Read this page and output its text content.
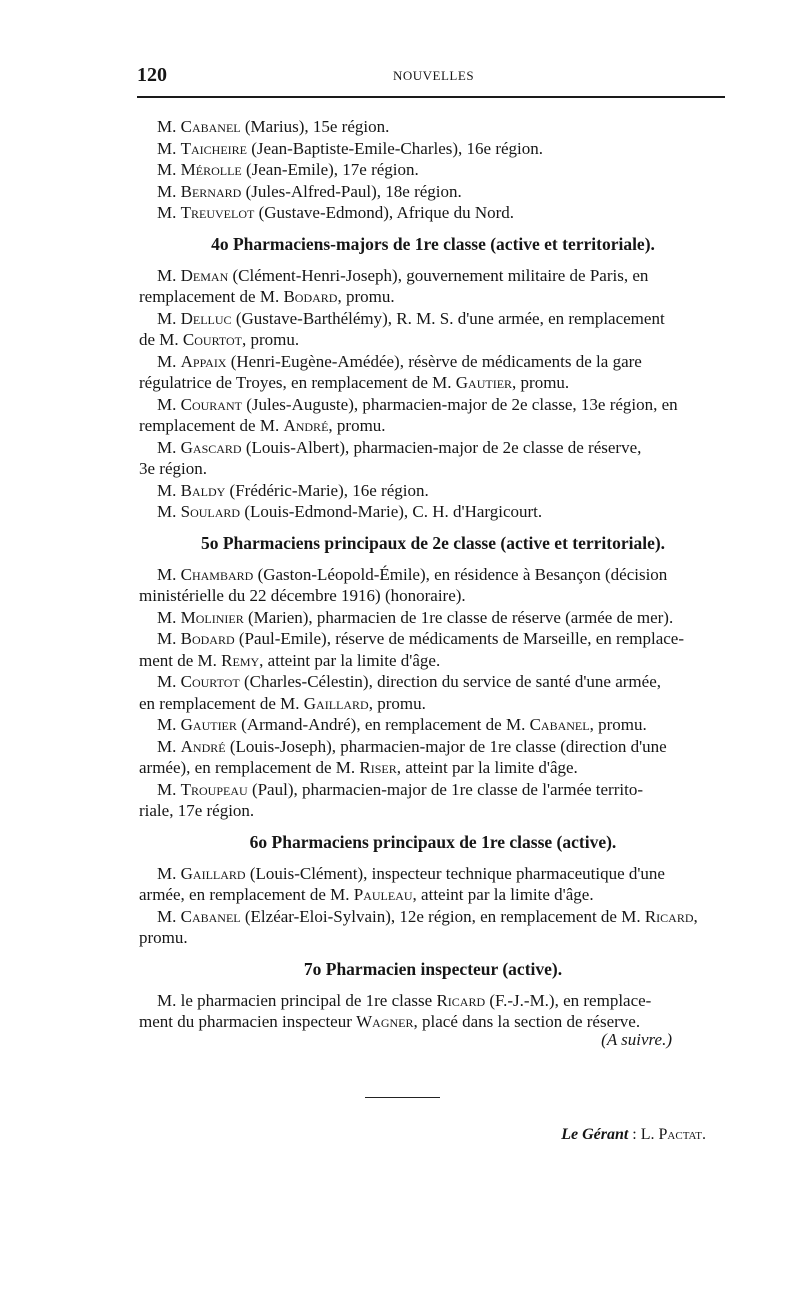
120	NOUVELLES
M. Cabanel (Marius), 15e région.
M. Taicheire (Jean-Baptiste-Emile-Charles), 16e région.
M. Mérolle (Jean-Emile), 17e région.
M. Bernard (Jules-Alfred-Paul), 18e région.
M. Treuvelot (Gustave-Edmond), Afrique du Nord.
4o Pharmaciens-majors de 1re classe (active et territoriale).
M. Deman (Clément-Henri-Joseph), gouvernement militaire de Paris, en
remplacement de M. Bodard, promu.
M. Delluc (Gustave-Barthélémy), R. M. S. d'une armée, en remplacement
de M. Courtot, promu.
M. Appaix (Henri-Eugène-Amédée), résèrve de médicaments de la gare
régulatrice de Troyes, en remplacement de M. Gautier, promu.
M. Courant (Jules-Auguste), pharmacien-major de 2e classe, 13e région, en
remplacement de M. André, promu.
M. Gascard (Louis-Albert), pharmacien-major de 2e classe de réserve,
3e région.
M. Baldy (Frédéric-Marie), 16e région.
M. Soulard (Louis-Edmond-Marie), C. H. d'Hargicourt.
5o Pharmaciens principaux de 2e classe (active et territoriale).
M. Chambard (Gaston-Léopold-Émile), en résidence à Besançon (décision
ministérielle du 22 décembre 1916) (honoraire).
M. Molinier (Marien), pharmacien de 1re classe de réserve (armée de mer).
M. Bodard (Paul-Emile), réserve de médicaments de Marseille, en remplace-
ment de M. Remy, atteint par la limite d'âge.
M. Courtot (Charles-Célestin), direction du service de santé d'une armée,
en remplacement de M. Gaillard, promu.
M. Gautier (Armand-André), en remplacement de M. Cabanel, promu.
M. André (Louis-Joseph), pharmacien-major de 1re classe (direction d'une
armée), en remplacement de M. Riser, atteint par la limite d'âge.
M. Troupeau (Paul), pharmacien-major de 1re classe de l'armée territo-
riale, 17e région.
6o Pharmaciens principaux de 1re classe (active).
M. Gaillard (Louis-Clément), inspecteur technique pharmaceutique d'une
armée, en remplacement de M. Pauleau, atteint par la limite d'âge.
M. Cabanel (Elzéar-Eloi-Sylvain), 12e région, en remplacement de M. Ricard,
promu.
7o Pharmacien inspecteur (active).
M. le pharmacien principal de 1re classe Ricard (F.-J.-M.), en remplace-
ment du pharmacien inspecteur Wagner, placé dans la section de réserve.
(A suivre.)
Le Gérant : L. Pactat.
